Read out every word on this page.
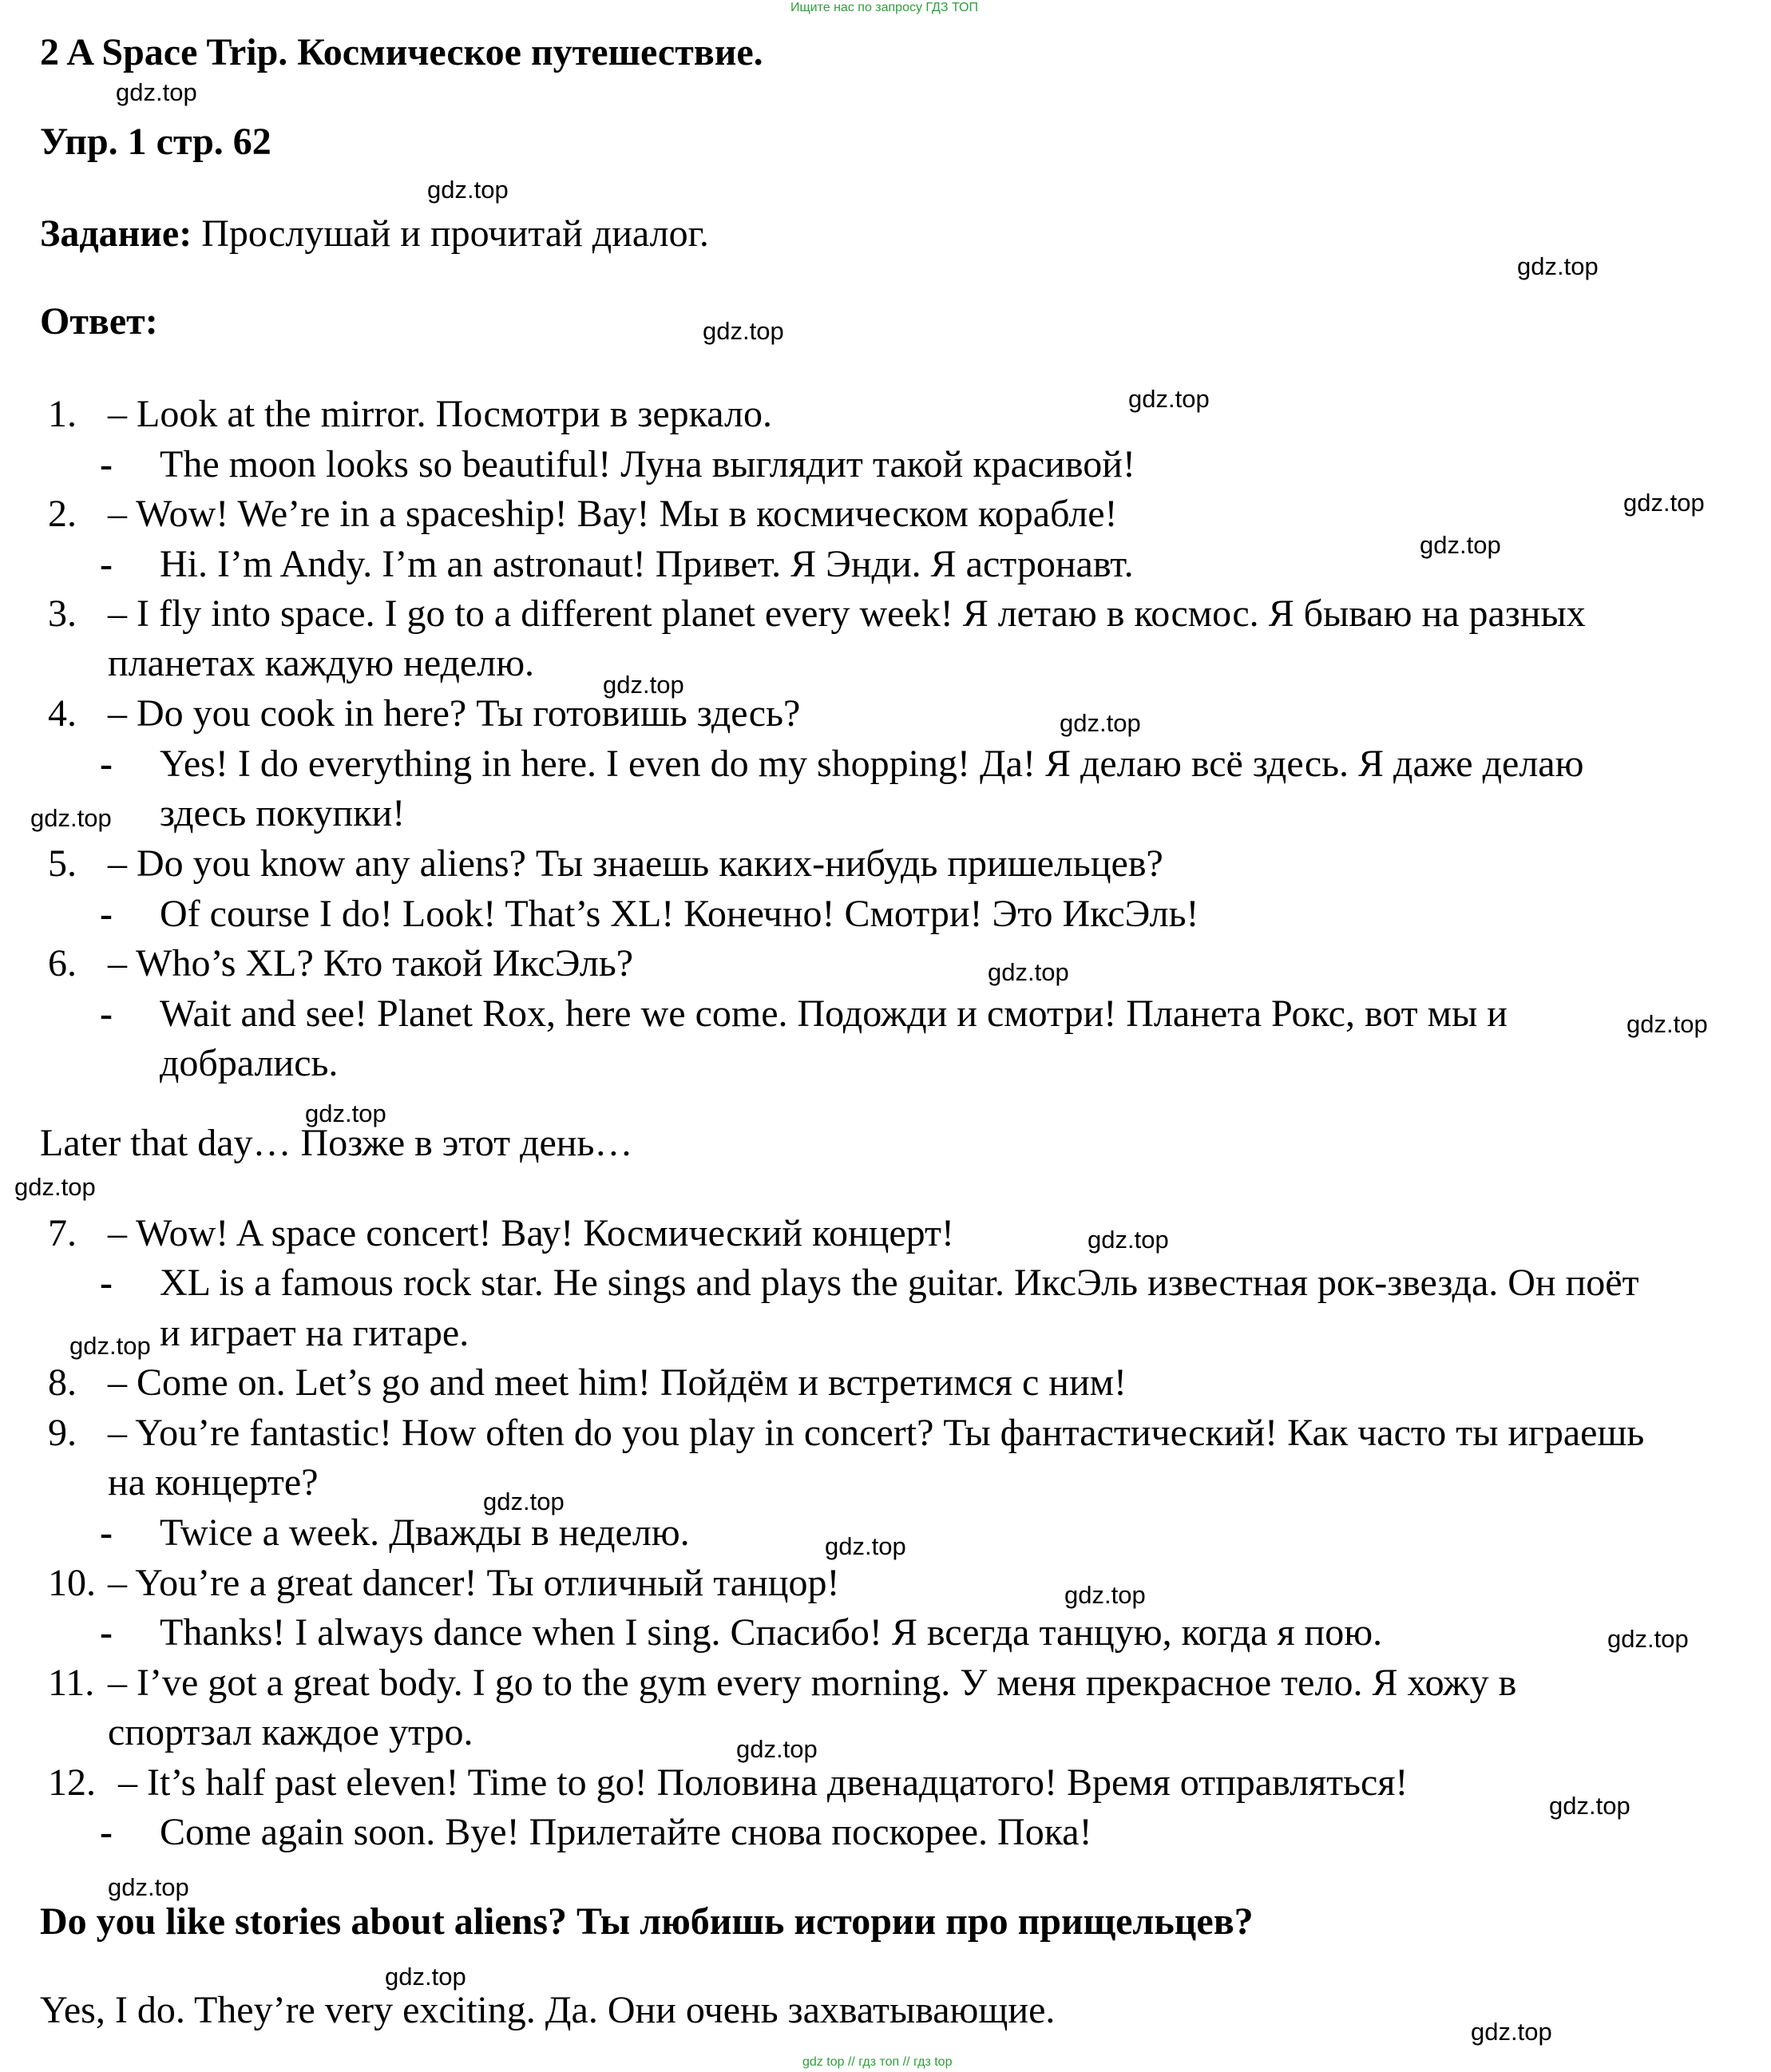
Ищите нас по запросу ГДЗ ТОП
gdz top // гдз топ // гдз top
2 A Space Trip. Космическое путешествие.
Упр. 1 стр. 62
Задание: Прослушай и прочитай диалог.
Ответ:
1. – Look at the mirror. Посмотри в зеркало.
- The moon looks so beautiful! Луна выглядит такой красивой!
2. – Wow! We’re in a spaceship! Вау! Мы в космическом корабле!
- Hi. I’m Andy. I’m an astronaut! Привет. Я Энди. Я астронавт.
3. – I fly into space. I go to a different planet every week! Я летаю в космос. Я бываю на разных
планетах каждую неделю.
4. – Do you cook in here? Ты готовишь здесь?
- Yes! I do everything in here. I even do my shopping! Да! Я делаю всё здесь. Я даже делаю
здесь покупки!
5. – Do you know any aliens? Ты знаешь каких-нибудь пришельцев?
- Of course I do! Look! That’s XL! Конечно! Смотри! Это ИксЭль!
6. – Who’s XL? Кто такой ИксЭль?
- Wait and see! Planet Rox, here we come. Подожди и смотри! Планета Рокс, вот мы и
добрались.
Later that day… Позже в этот день…
7. – Wow! A space concert! Вау! Космический концерт!
- XL is a famous rock star. He sings and plays the guitar. ИксЭль известная рок-звезда. Он поёт
и играет на гитаре.
8. – Come on. Let’s go and meet him! Пойдём и встретимся с ним!
9. – You’re fantastic! How often do you play in concert? Ты фантастический! Как часто ты играешь
на концерте?
- Twice a week. Дважды в неделю.
10. – You’re a great dancer! Ты отличный танцор!
- Thanks! I always dance when I sing. Спасибо! Я всегда танцую, когда я пою.
11. – I’ve got a great body. I go to the gym every morning. У меня прекрасное тело. Я хожу в
спортзал каждое утро.
12. – It’s half past eleven! Time to go! Половина двенадцатого! Время отправляться!
- Come again soon. Bye! Прилетайте снова поскорее. Пока!
Do you like stories about aliens? Ты любишь истории про прищельцев?
Yes, I do. They’re very exciting. Да. Они очень захватывающие.
gdz.top
gdz.top
gdz.top
gdz.top
gdz.top
gdz.top
gdz.top
gdz.top
gdz.top
gdz.top
gdz.top
gdz.top
gdz.top
gdz.top
gdz.top
gdz.top
gdz.top
gdz.top
gdz.top
gdz.top
gdz.top
gdz.top
gdz.top
gdz.top
gdz.top
